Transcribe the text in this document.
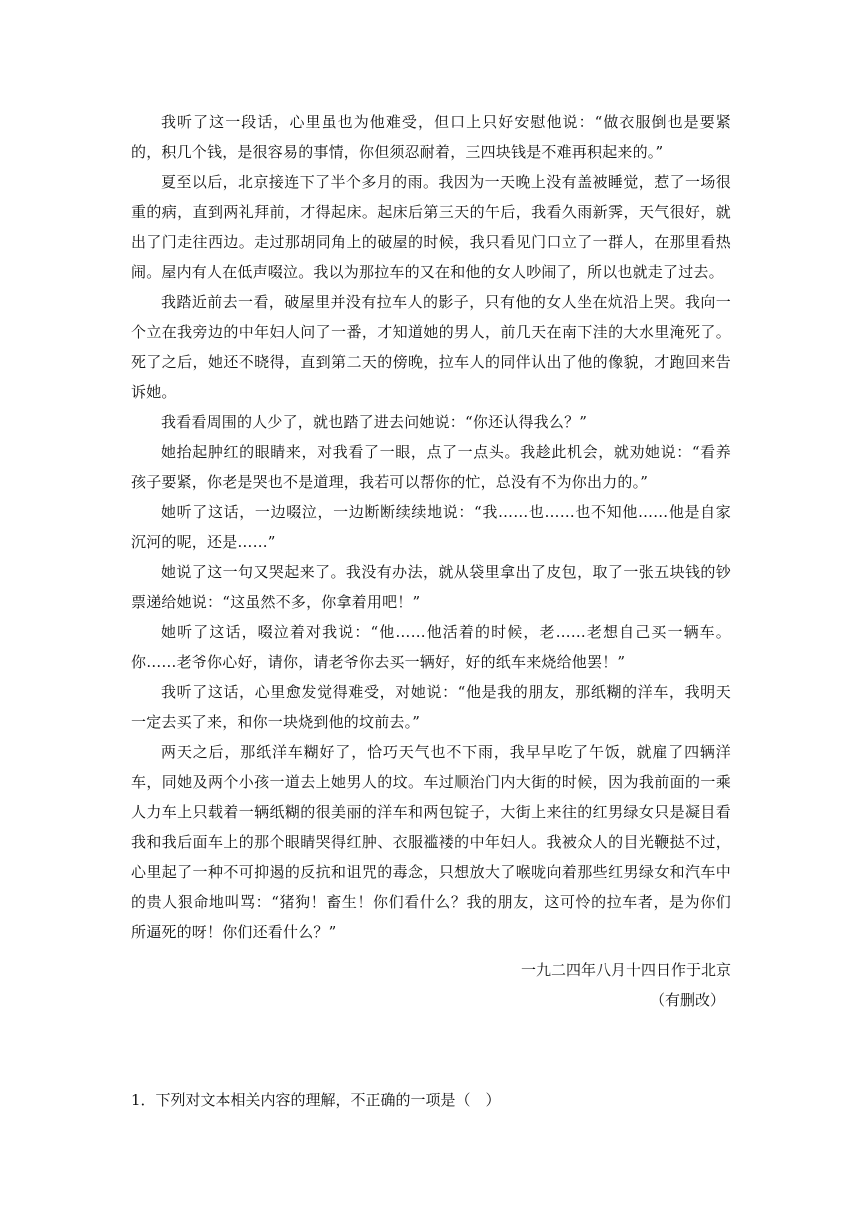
我听了这一段话，心里虽也为他难受，但口上只好安慰他说：“做衣服倒也是要紧的，积几个钱，是很容易的事情，你但须忍耐着，三四块钱是不难再积起来的。”

夏至以后，北京接连下了半个多月的雨。我因为一天晚上没有盖被睡觉，惹了一场很重的病，直到两礼拜前，才得起床。起床后第三天的午后，我看久雨新霁，天气很好，就出了门走往西边。走过那胡同角上的破屋的时候，我只看见门口立了一群人，在那里看热闹。屋内有人在低声啜泣。我以为那拉车的又在和他的女人吵闹了，所以也就走了过去。

我踏近前去一看，破屋里并没有拉车人的影子，只有他的女人坐在炕沿上哭。我向一个立在我旁边的中年妇人问了一番，才知道她的男人，前几天在南下洼的大水里淹死了。死了之后，她还不晓得，直到第二天的傍晚，拉车人的同伴认出了他的像貌，才跑回来告诉她。

我看看周围的人少了，就也踏了进去问她说：“你还认得我么？”

她抬起肿红的眼睛来，对我看了一眼，点了一点头。我趁此机会，就劝她说：“看养孩子要紧，你老是哭也不是道理，我若可以帮你的忙，总没有不为你出力的。”

她听了这话，一边啜泣，一边断断续续地说：“我……也……也不知他……他是自家沉河的呢，还是……”

她说了这一句又哭起来了。我没有办法，就从袋里拿出了皮包，取了一张五块钱的钞票递给她说：“这虽然不多，你拿着用吧！”

她听了这话，啜泣着对我说：“他……他活着的时候，老……老想自己买一辆车。你……老爷你心好，请你，请老爷你去买一辆好，好的纸车来烧给他罢！”

我听了这话，心里愈发觉得难受，对她说：“他是我的朋友，那纸糊的洋车，我明天一定去买了来，和你一块烧到他的坟前去。”

两天之后，那纸洋车糊好了，恰巧天气也不下雨，我早早吃了午饭，就雇了四辆洋车，同她及两个小孩一道去上她男人的坟。车过顺治门内大街的时候，因为我前面的一乘人力车上只载着一辆纸糊的很美丽的洋车和两包锭子，大街上来往的红男绿女只是凝目看我和我后面车上的那个眼睛哭得红肿、衣服褴褛的中年妇人。我被众人的目光鞭挞不过，心里起了一种不可抑遏的反抗和诅咒的毒念，只想放大了喉咙向着那些红男绿女和汽车中的贵人狠命地叫骂：“猪狗！畜生！你们看什么？我的朋友，这可怜的拉车者，是为你们所逼死的呀！你们还看什么？”

一九二四年八月十四日作于北京

（有删改）

1．下列对文本相关内容的理解，不正确的一项是（　）
